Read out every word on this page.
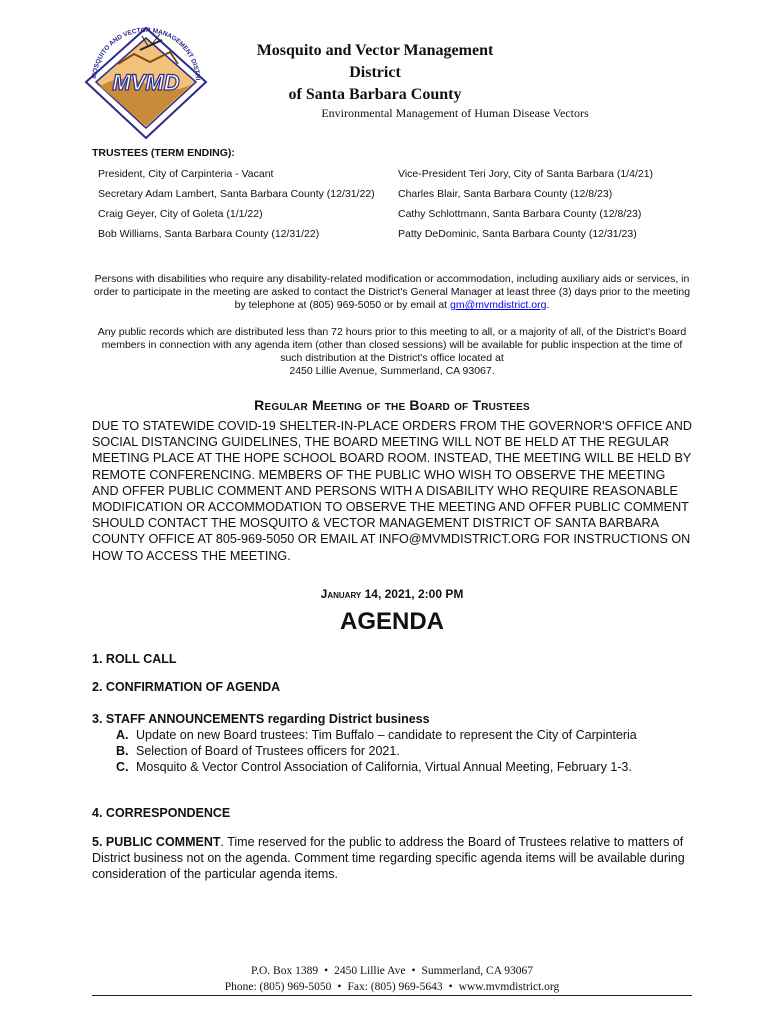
MVMD
MOSQUITO AND VECTOR MANAGEMENT DISTRI
Mosquito and Vector Management District
of Santa Barbara County
Environmental Management of Human Disease Vectors
TRUSTEES (TERM ENDING):
President, City of Carpinteria - Vacant	Vice-President Teri Jory, City of Santa Barbara (1/4/21)
Secretary Adam Lambert, Santa Barbara County (12/31/22)	Charles Blair, Santa Barbara County (12/8/23)
Craig Geyer, City of Goleta (1/1/22)	Cathy Schlottmann, Santa Barbara County (12/8/23)
Bob Williams, Santa Barbara County (12/31/22)	Patty DeDominic, Santa Barbara County (12/31/23)
Persons with disabilities who require any disability-related modification or accommodation, including auxiliary aids or services, in order to participate in the meeting are asked to contact the District's General Manager at least three (3) days prior to the meeting by telephone at (805) 969-5050 or by email at gm@mvmdistrict.org.
Any public records which are distributed less than 72 hours prior to this meeting to all, or a majority of all, of the District's Board members in connection with any agenda item (other than closed sessions) will be available for public inspection at the time of such distribution at the District's office located at
2450 Lillie Avenue, Summerland, CA 93067.
Regular Meeting of the Board of Trustees
DUE TO STATEWIDE COVID-19 SHELTER-IN-PLACE ORDERS FROM THE GOVERNOR'S OFFICE AND SOCIAL DISTANCING GUIDELINES, THE BOARD MEETING WILL NOT BE HELD AT THE REGULAR MEETING PLACE AT THE HOPE SCHOOL BOARD ROOM. INSTEAD, THE MEETING WILL BE HELD BY REMOTE CONFERENCING. MEMBERS OF THE PUBLIC WHO WISH TO OBSERVE THE MEETING AND OFFER PUBLIC COMMENT AND PERSONS WITH A DISABILITY WHO REQUIRE REASONABLE MODIFICATION OR ACCOMMODATION TO OBSERVE THE MEETING AND OFFER PUBLIC COMMENT SHOULD CONTACT THE MOSQUITO & VECTOR MANAGEMENT DISTRICT OF SANTA BARBARA COUNTY OFFICE AT 805-969-5050 OR EMAIL AT INFO@MVMDISTRICT.ORG FOR INSTRUCTIONS ON HOW TO ACCESS THE MEETING.
January 14, 2021, 2:00 PM
AGENDA
1. ROLL CALL
2. CONFIRMATION OF AGENDA
3. STAFF ANNOUNCEMENTS regarding District business
A. Update on new Board trustees: Tim Buffalo – candidate to represent the City of Carpinteria
B. Selection of Board of Trustees officers for 2021.
C. Mosquito & Vector Control Association of California, Virtual Annual Meeting, February 1-3.
4. CORRESPONDENCE
5. PUBLIC COMMENT. Time reserved for the public to address the Board of Trustees relative to matters of District business not on the agenda. Comment time regarding specific agenda items will be available during consideration of the particular agenda items.
P.O. Box 1389 • 2450 Lillie Ave • Summerland, CA 93067
Phone: (805) 969-5050 • Fax: (805) 969-5643 • www.mvmdistrict.org
